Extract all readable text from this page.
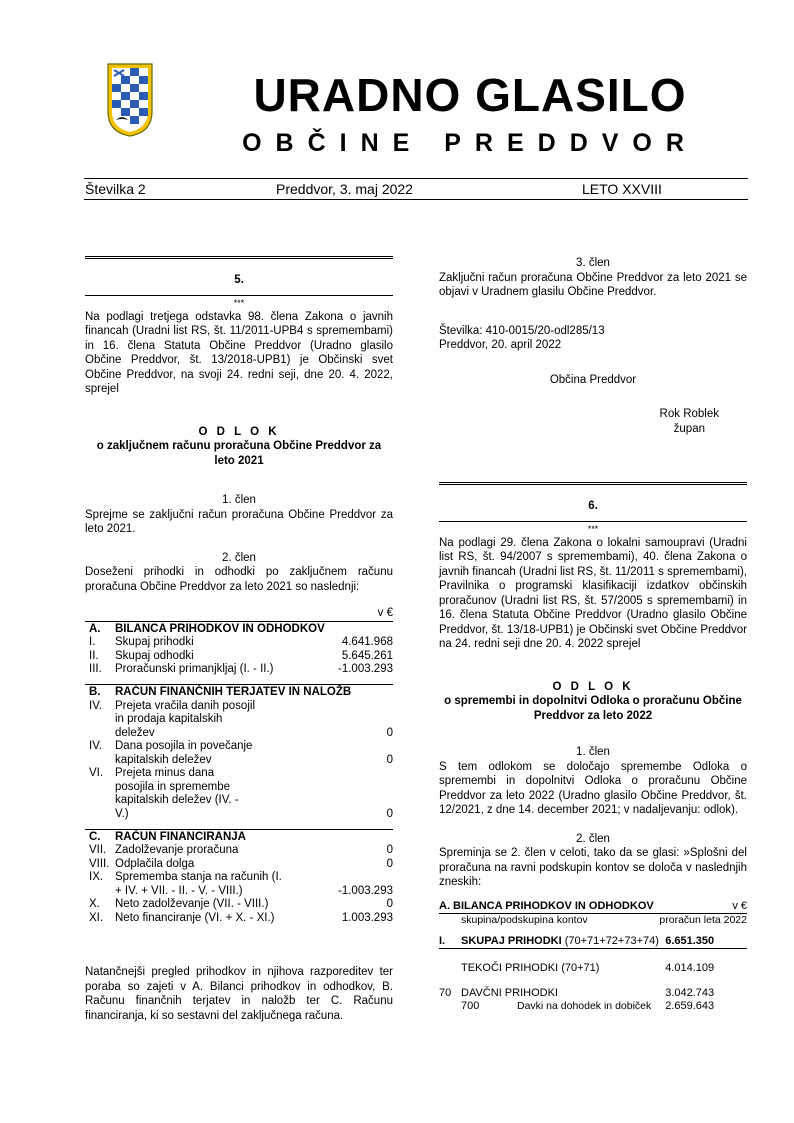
URADNO GLASILO
OBČINE PREDDVOR
Številka 2	Preddvor, 3. maj 2022	LETO XXVIII
5.
***
Na podlagi tretjega odstavka 98. člena Zakona o javnih financah (Uradni list RS, št. 11/2011-UPB4 s spremembami) in 16. člena Statuta Občine Preddvor (Uradno glasilo Občine Preddvor, št. 13/2018-UPB1) je Občinski svet Občine Preddvor, na svoji 24. redni seji, dne 20. 4. 2022, sprejel
O D L O K
o zaključnem računu proračuna Občine Preddvor za leto 2021
1. člen
Sprejme se zaključni račun proračuna Občine Preddvor za leto 2021.
2. člen
Doseženi prihodki in odhodki po zaključnem računu proračuna Občine Preddvor za leto 2021 so naslednji:
v €
A.	BILANCA PRIHODKOV IN ODHODKOV	
I.	Skupaj prihodki	4.641.968
II.	Skupaj odhodki	5.645.261
III.	Proračunski primanjkljaj (I. - II.)	-1.003.293

B.	RAČUN FINANČNIH TERJATEV IN NALOŽB	
IV.	Prejeta vračila danih posojil in prodaja kapitalskih deležev	0
IV.	Dana posojila in povečanje kapitalskih deležev	0
VI.	Prejeta minus dana posojila in spremembe kapitalskih deležev (IV. - V.)	0

C.	RAČUN FINANCIRANJA	
VII.	Zadolževanje proračuna	0
VIII.	Odplačila dolga	0
IX.	Sprememba stanja na računih (I. + IV. + VII. - II. - V. - VIII.)	-1.003.293
X.	Neto zadolževanje (VII. - VIII.)	0
XI.	Neto financiranje (VI. + X. - XI.)	1.003.293
Natančnejši pregled prihodkov in njihova razporeditev ter poraba so zajeti v A. Bilanci prihodkov in odhodkov, B. Računu finančnih terjatev in naložb ter C. Računu financiranja, ki so sestavni del zaključnega računa.
3. člen
Zaključni račun proračuna Občine Preddvor za leto 2021 se objavi v Uradnem glasilu Občine Preddvor.
Številka: 410-0015/20-odl285/13
Preddvor, 20. april 2022
Občina Preddvor
Rok Roblek
župan
6.
***
Na podlagi 29. člena Zakona o lokalni samoupravi (Uradni list RS, št. 94/2007 s spremembami), 40. člena Zakona o javnih financah (Uradni list RS, št. 11/2011 s spremembami), Pravilnika o programski klasifikaciji izdatkov občinskih proračunov (Uradni list RS, št. 57/2005 s spremembami) in 16. člena Statuta Občine Preddvor (Uradno glasilo Občine Preddvor, št. 13/18-UPB1) je Občinski svet Občine Preddvor na 24. redni seji dne 20. 4. 2022 sprejel
O D L O K
o spremembi in dopolnitvi Odloka o proračunu Občine Preddvor za leto 2022
1. člen
S tem odlokom se določajo spremembe Odloka o spremembi in dopolnitvi Odloka o proračunu Občine Preddvor za leto 2022 (Uradno glasilo Občine Preddvor, št. 12/2021, z dne 14. december 2021; v nadaljevanju: odlok).
2. člen
Spreminja se 2. člen v celoti, tako da se glasi: »Splošni del proračuna na ravni podskupin kontov se določa v naslednjih zneskih:
A. BILANCA PRIHODKOV IN ODHODKOV			v €
	skupina/podskupina kontov		proračun leta 2022

I.	SKUPAJ PRIHODKI (70+71+72+73+74)		6.651.350

	TEKOČI PRIHODKI (70+71)		4.014.109

70	DAVČNI PRIHODKI		3.042.743
	700	Davki na dohodek in dobiček	2.659.643
